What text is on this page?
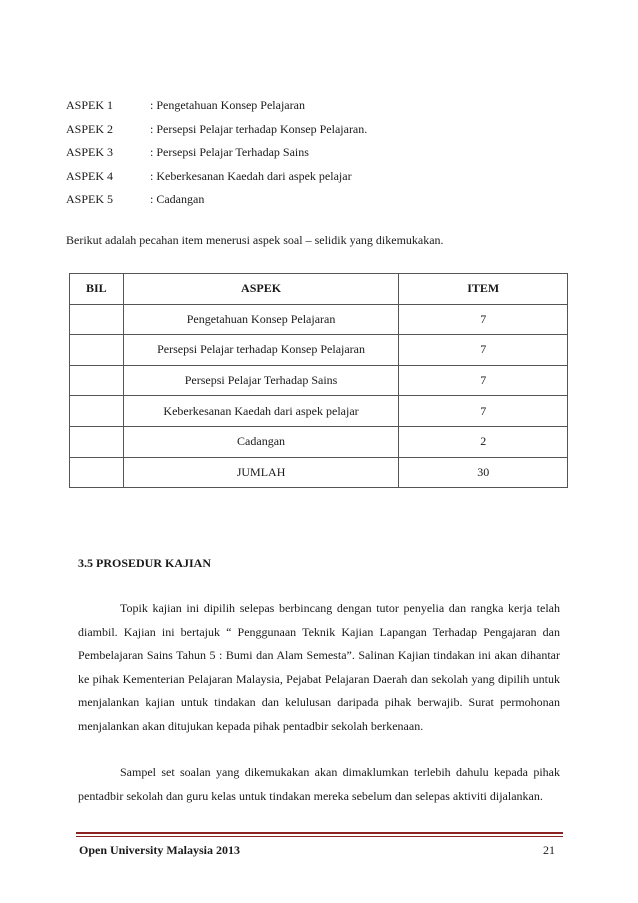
ASPEK 1	: Pengetahuan Konsep Pelajaran
ASPEK 2	: Persepsi Pelajar terhadap Konsep Pelajaran.
ASPEK 3	: Persepsi Pelajar Terhadap Sains
ASPEK 4	: Keberkesanan Kaedah dari aspek pelajar
ASPEK 5	: Cadangan
Berikut adalah pecahan item menerusi aspek soal – selidik yang dikemukakan.
BIL	ASPEK	ITEM
	Pengetahuan Konsep Pelajaran	7
	Persepsi Pelajar terhadap Konsep Pelajaran	7
	Persepsi Pelajar Terhadap Sains	7
	Keberkesanan Kaedah dari aspek pelajar	7
	Cadangan	2
	JUMLAH	30
3.5 PROSEDUR KAJIAN

Topik kajian ini dipilih selepas berbincang dengan tutor penyelia dan rangka kerja telah diambil. Kajian ini bertajuk “ Penggunaan Teknik Kajian Lapangan Terhadap Pengajaran dan Pembelajaran Sains Tahun 5 : Bumi dan Alam Semesta”. Salinan Kajian tindakan ini akan dihantar ke pihak Kementerian Pelajaran Malaysia, Pejabat Pelajaran Daerah dan sekolah yang dipilih untuk menjalankan kajian untuk tindakan dan kelulusan daripada pihak berwajib. Surat permohonan menjalankan akan ditujukan kepada pihak pentadbir sekolah berkenaan.

Sampel set soalan yang dikemukakan akan dimaklumkan terlebih dahulu kepada pihak pentadbir sekolah dan guru kelas untuk tindakan mereka sebelum dan selepas aktiviti dijalankan.

Open University Malaysia 2013	21
